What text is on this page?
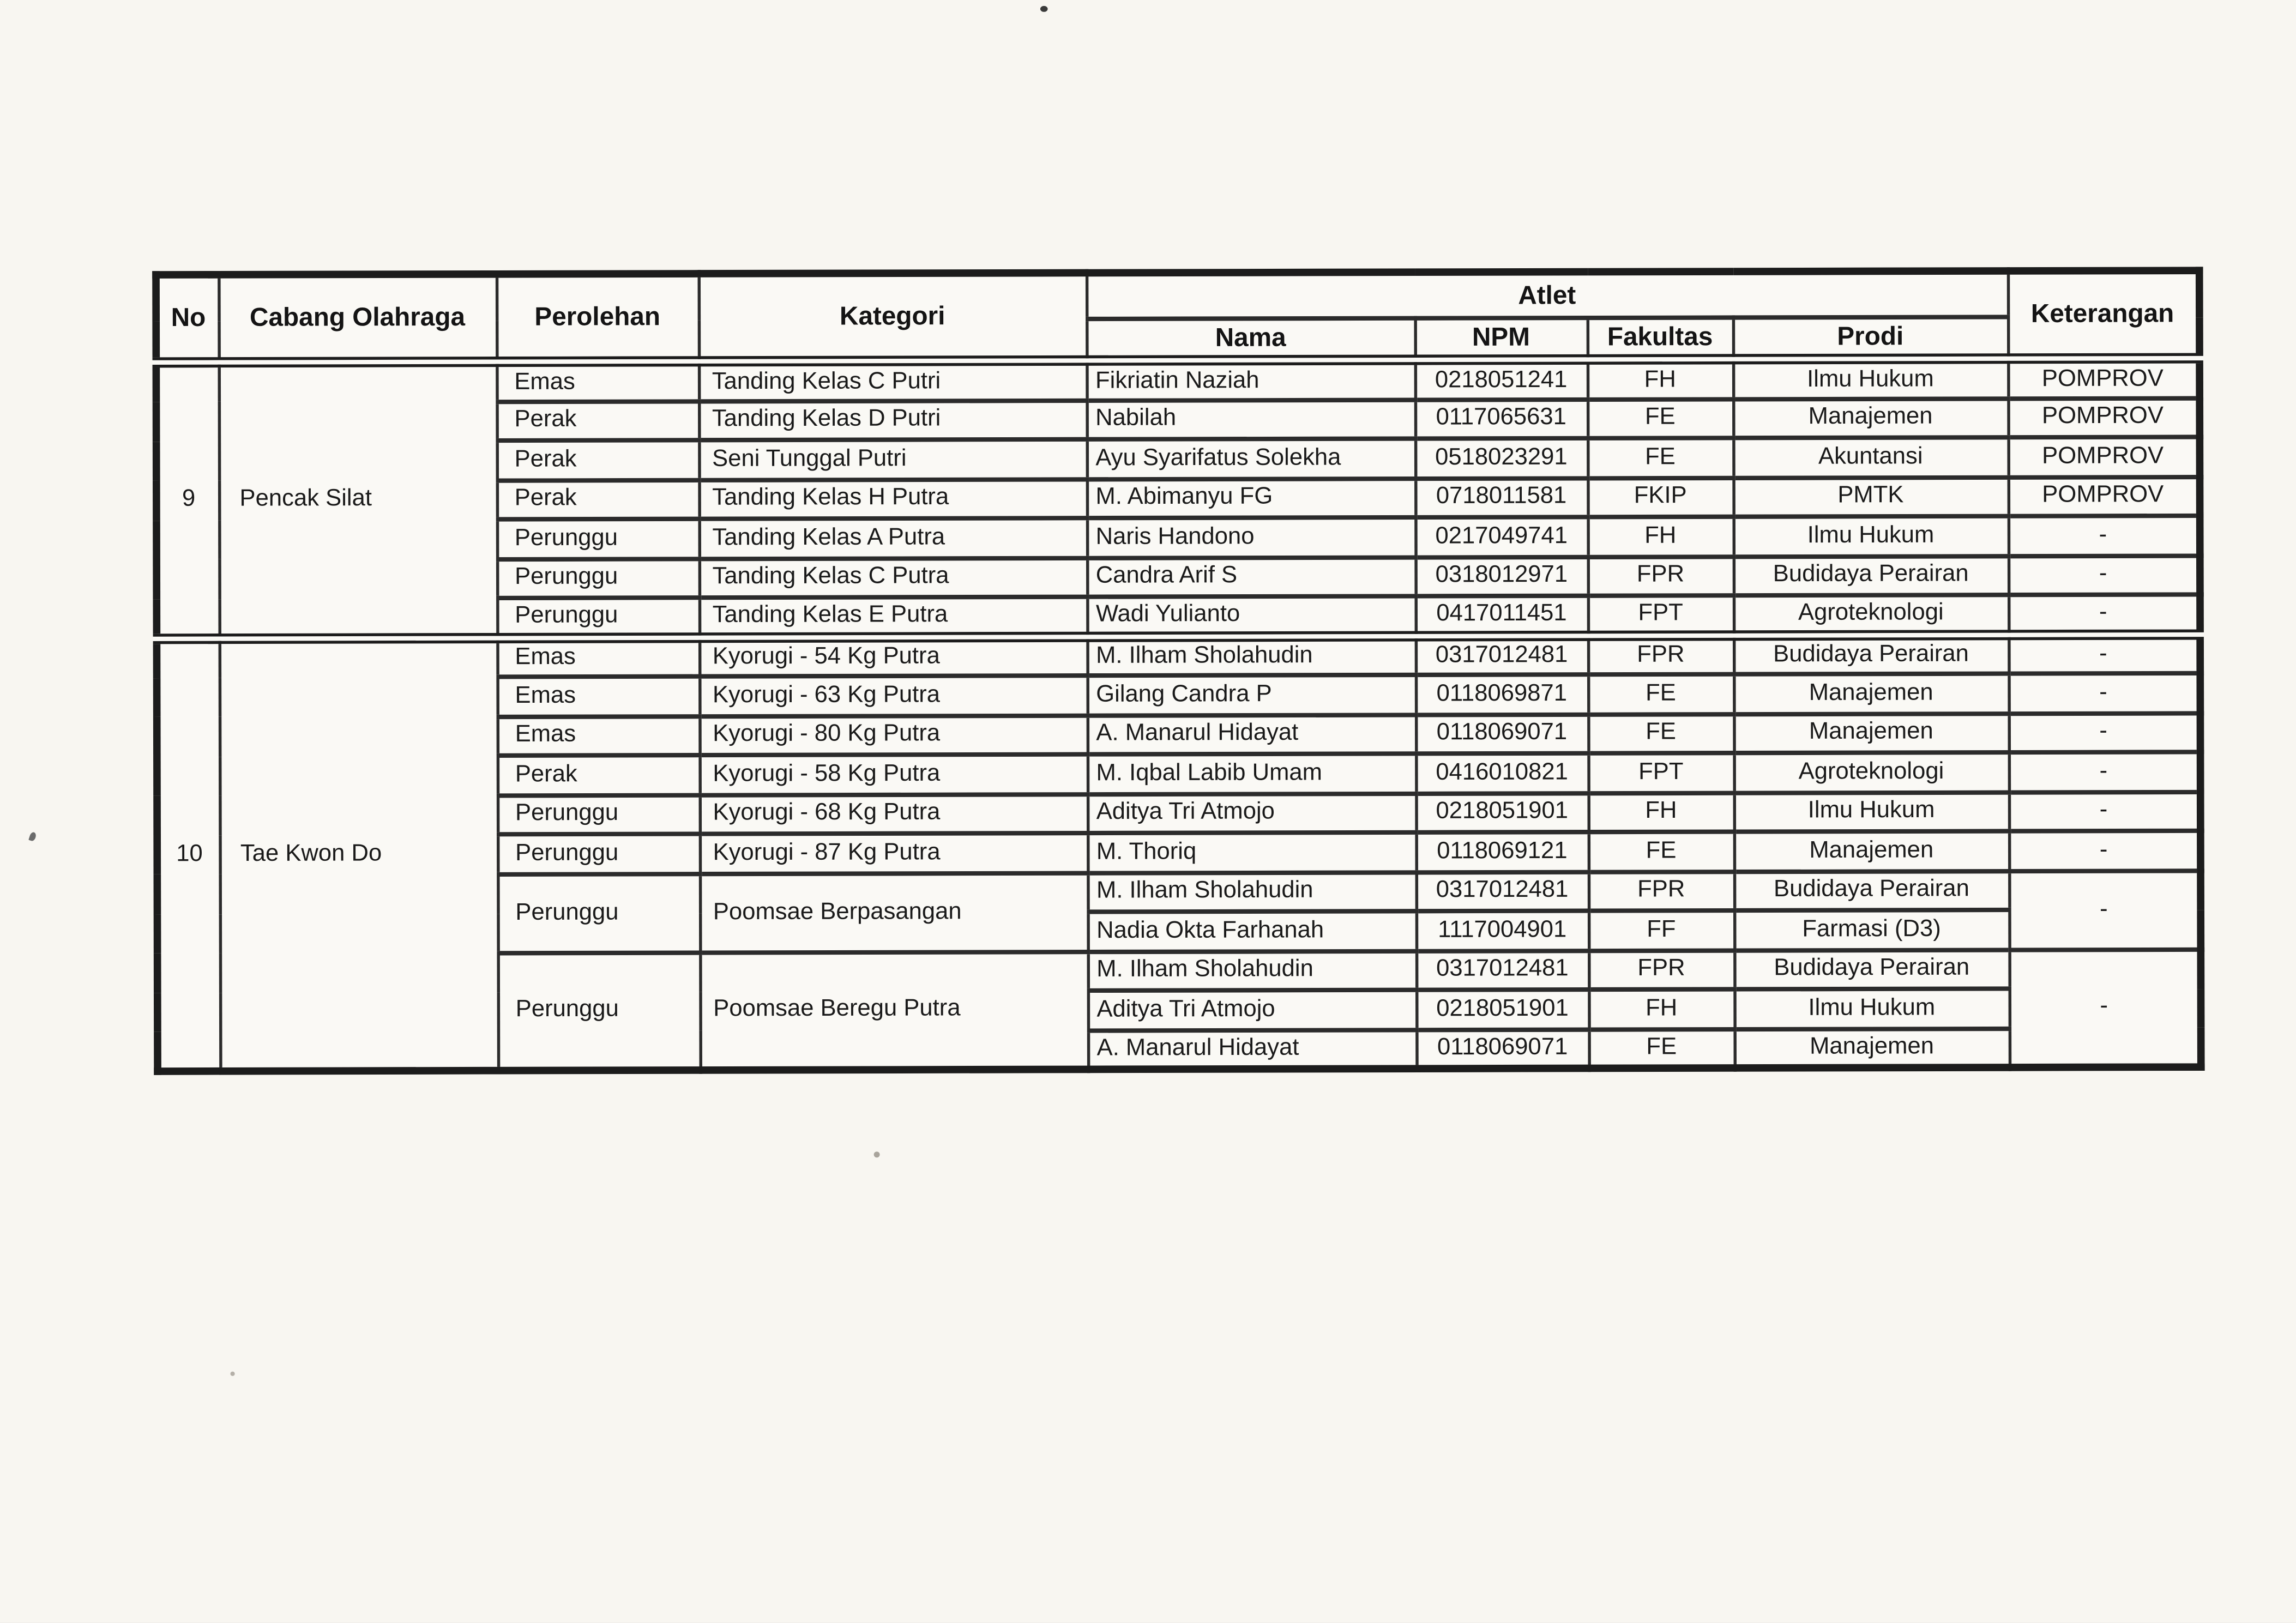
No	Cabang Olahraga	Perolehan	Kategori	Atlet				Keterangan
				Nama	NPM	Fakultas	Prodi	
9	Pencak Silat	Emas	Tanding Kelas C Putri	Fikriatin Naziah	0218051241	FH	Ilmu Hukum	POMPROV
		Perak	Tanding Kelas D Putri	Nabilah	0117065631	FE	Manajemen	POMPROV
		Perak	Seni Tunggal Putri	Ayu Syarifatus Solekha	0518023291	FE	Akuntansi	POMPROV
		Perak	Tanding Kelas H Putra	M. Abimanyu FG	0718011581	FKIP	PMTK	POMPROV
		Perunggu	Tanding Kelas A Putra	Naris Handono	0217049741	FH	Ilmu Hukum	-
		Perunggu	Tanding Kelas C Putra	Candra Arif S	0318012971	FPR	Budidaya Perairan	-
		Perunggu	Tanding Kelas E Putra	Wadi Yulianto	0417011451	FPT	Agroteknologi	-
10	Tae Kwon Do	Emas	Kyorugi - 54 Kg Putra	M. Ilham Sholahudin	0317012481	FPR	Budidaya Perairan	-
		Emas	Kyorugi - 63 Kg Putra	Gilang Candra P	0118069871	FE	Manajemen	-
		Emas	Kyorugi - 80 Kg Putra	A. Manarul Hidayat	0118069071	FE	Manajemen	-
		Perak	Kyorugi - 58 Kg Putra	M. Iqbal Labib Umam	0416010821	FPT	Agroteknologi	-
		Perunggu	Kyorugi - 68 Kg Putra	Aditya Tri Atmojo	0218051901	FH	Ilmu Hukum	-
		Perunggu	Kyorugi - 87 Kg Putra	M. Thoriq	0118069121	FE	Manajemen	-
		Perunggu	Poomsae Berpasangan	M. Ilham Sholahudin	0317012481	FPR	Budidaya Perairan	-
				Nadia Okta Farhanah	1117004901	FF	Farmasi (D3)	
		Perunggu	Poomsae Beregu Putra	M. Ilham Sholahudin	0317012481	FPR	Budidaya Perairan	-
				Aditya Tri Atmojo	0218051901	FH	Ilmu Hukum	
				A. Manarul Hidayat	0118069071	FE	Manajemen	
